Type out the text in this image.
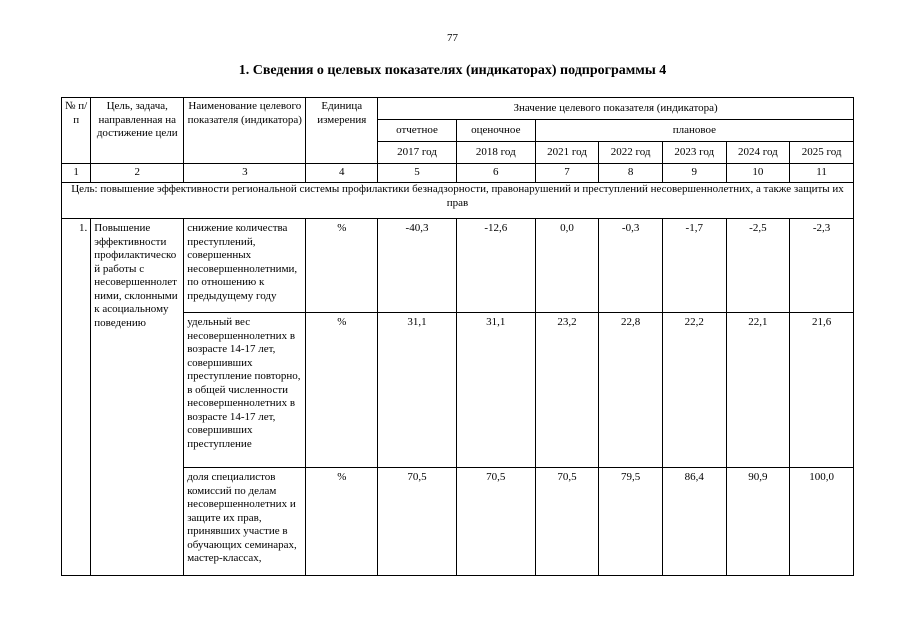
77
1. Сведения о целевых показателях (индикаторах) подпрограммы 4
№ п/п	Цель, задача, направленная на достижение цели	Наименование целевого показателя (индикатора)	Единица измерения	Значение целевого показателя (индикатора)						
				отчетное	оценочное	плановое				
				2017 год	2018 год	2021 год	2022 год	2023 год	2024 год	2025 год
1	2	3	4	5	6	7	8	9	10	11
Цель: повышение эффективности региональной системы профилактики безнадзорности, правонарушений и преступлений несовершеннолетних, а также защиты их прав										
1.	Повышение эффективности профилактической работы с несовершеннолетними, склонными к асоциальному поведению	снижение количества преступлений, совершенных несовершеннолетними, по отношению к предыдущему году	%	-40,3	-12,6	0,0	-0,3	-1,7	-2,5	-2,3
		удельный вес несовершеннолетних в возрасте 14-17 лет, совершивших преступление повторно, в общей численности несовершеннолетних в возрасте 14-17 лет, совершивших преступление	%	31,1	31,1	23,2	22,8	22,2	22,1	21,6
		доля специалистов комиссий по делам несовершеннолетних и защите их прав, принявших участие в обучающих семинарах, мастер-классах,	%	70,5	70,5	70,5	79,5	86,4	90,9	100,0
